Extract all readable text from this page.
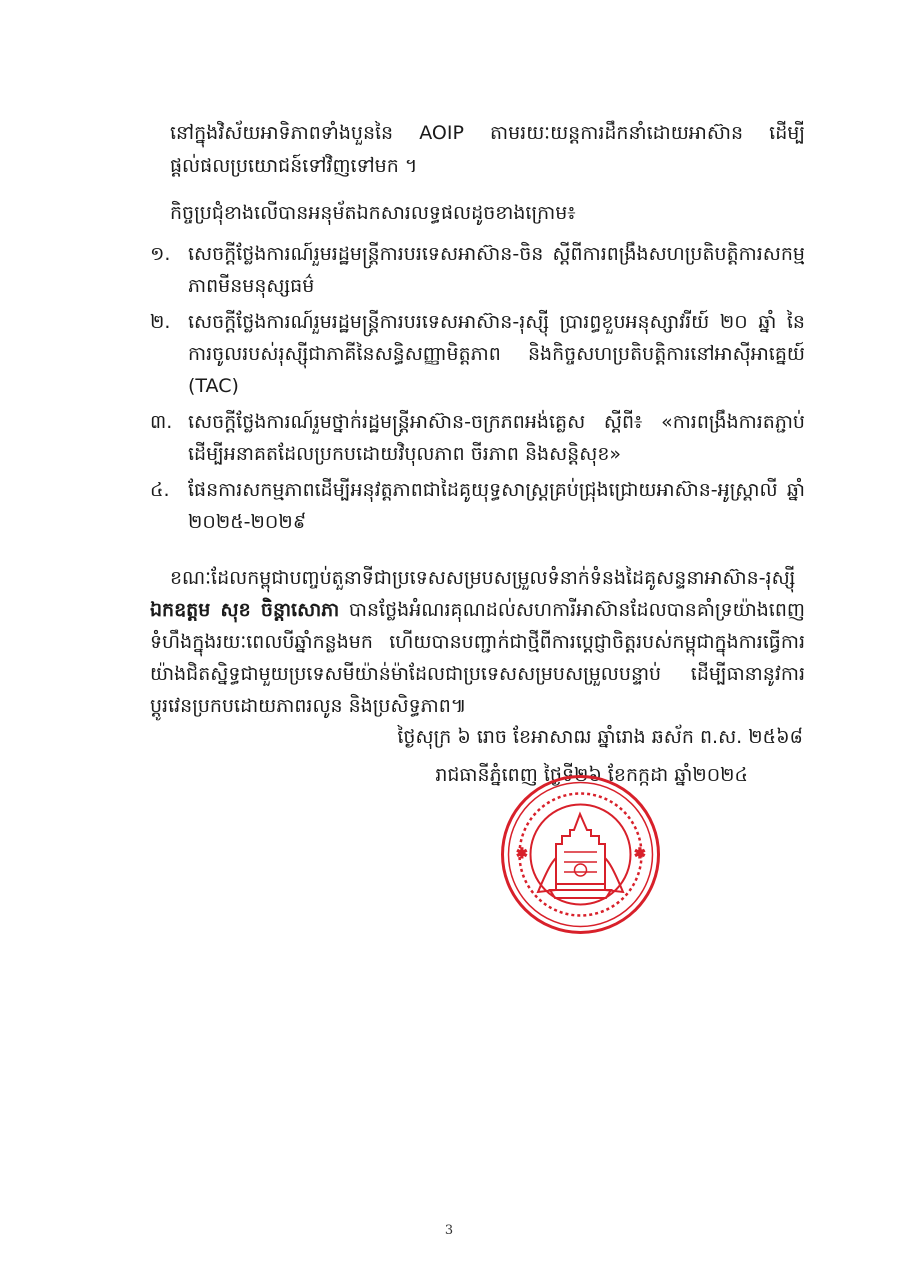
នៅក្នុងវិស័យអាទិភាពទាំងបួននៃ AOIP តាមរយៈយន្តការដឹកនាំដោយអាស៊ាន ដើម្បីផ្តល់ផលប្រយោជន៍ទៅវិញទៅមក ។
កិច្ចប្រជុំខាងលើបានអនុម័តឯកសារលទ្ធផលដូចខាងក្រោម៖
១. សេចក្តីថ្លែងការណ៍រួមរដ្ឋមន្ត្រីការបរទេសអាស៊ាន-ចិន ស្តីពីការពង្រឹងសហប្រតិបត្តិការសកម្មភាពមីនមនុស្សធម៌
២. សេចក្តីថ្លែងការណ៍រួមរដ្ឋមន្ត្រីការបរទេសអាស៊ាន-រុស្ស៊ី ប្រារព្ធខួបអនុស្សាវរីយ៍ ២០ ឆ្នាំ នៃការចូលរបស់រុស្ស៊ីជាភាគីនៃសន្ធិសញ្ញាមិត្តភាព និងកិច្ចសហប្រតិបត្តិការនៅអាស៊ីអាគ្នេយ៍ (TAC)
៣. សេចក្តីថ្លែងការណ៍រួមថ្នាក់រដ្ឋមន្ត្រីអាស៊ាន-ចក្រភពអង់គ្លេស ស្តីពី៖ «ការពង្រឹងការតភ្ជាប់ដើម្បីអនាគតដែលប្រកបដោយវិបុលភាព ចីរភាព និងសន្តិសុខ»
៤. ផែនការសកម្មភាពដើម្បីអនុវត្តភាពជាដៃគូយុទ្ធសាស្ត្រគ្រប់ជ្រុងជ្រោយអាស៊ាន-អូស្ត្រាលី ឆ្នាំ ២០២៥-២០២៩
ខណៈដែលកម្ពុជាបញ្ចប់តួនាទីជាប្រទេសសម្របសម្រួលទំនាក់ទំនងដៃគូសន្ទនាអាស៊ាន-រុស្ស៊ី ឯកឧត្តម សុខ ចិន្តាសោភា បានថ្លែងអំណរគុណដល់សហការីអាស៊ានដែលបានគាំទ្រយ៉ាងពេញទំហឹងក្នុងរយៈពេលបីឆ្នាំកន្លងមក ហើយបានបញ្ជាក់ជាថ្មីពីការប្តេជ្ញាចិត្តរបស់កម្ពុជាក្នុងការធ្វើការយ៉ាងជិតស្និទ្ធជាមួយប្រទេសមីយ៉ាន់ម៉ាដែលជាប្រទេសសម្របសម្រួលបន្ទាប់ ដើម្បីធានានូវការប្តូរវេនប្រកបដោយភាពរលូន និងប្រសិទ្ធភាព៕
ថ្ងៃសុក្រ ៦ រោច ខែអាសាឍ ឆ្នាំរោង ឆស័ក ព.ស. ២៥៦៨
រាជធានីភ្នំពេញ ថ្ងៃទី២៦ ខែកក្កដា ឆ្នាំ២០២៤
✱	✱
3
